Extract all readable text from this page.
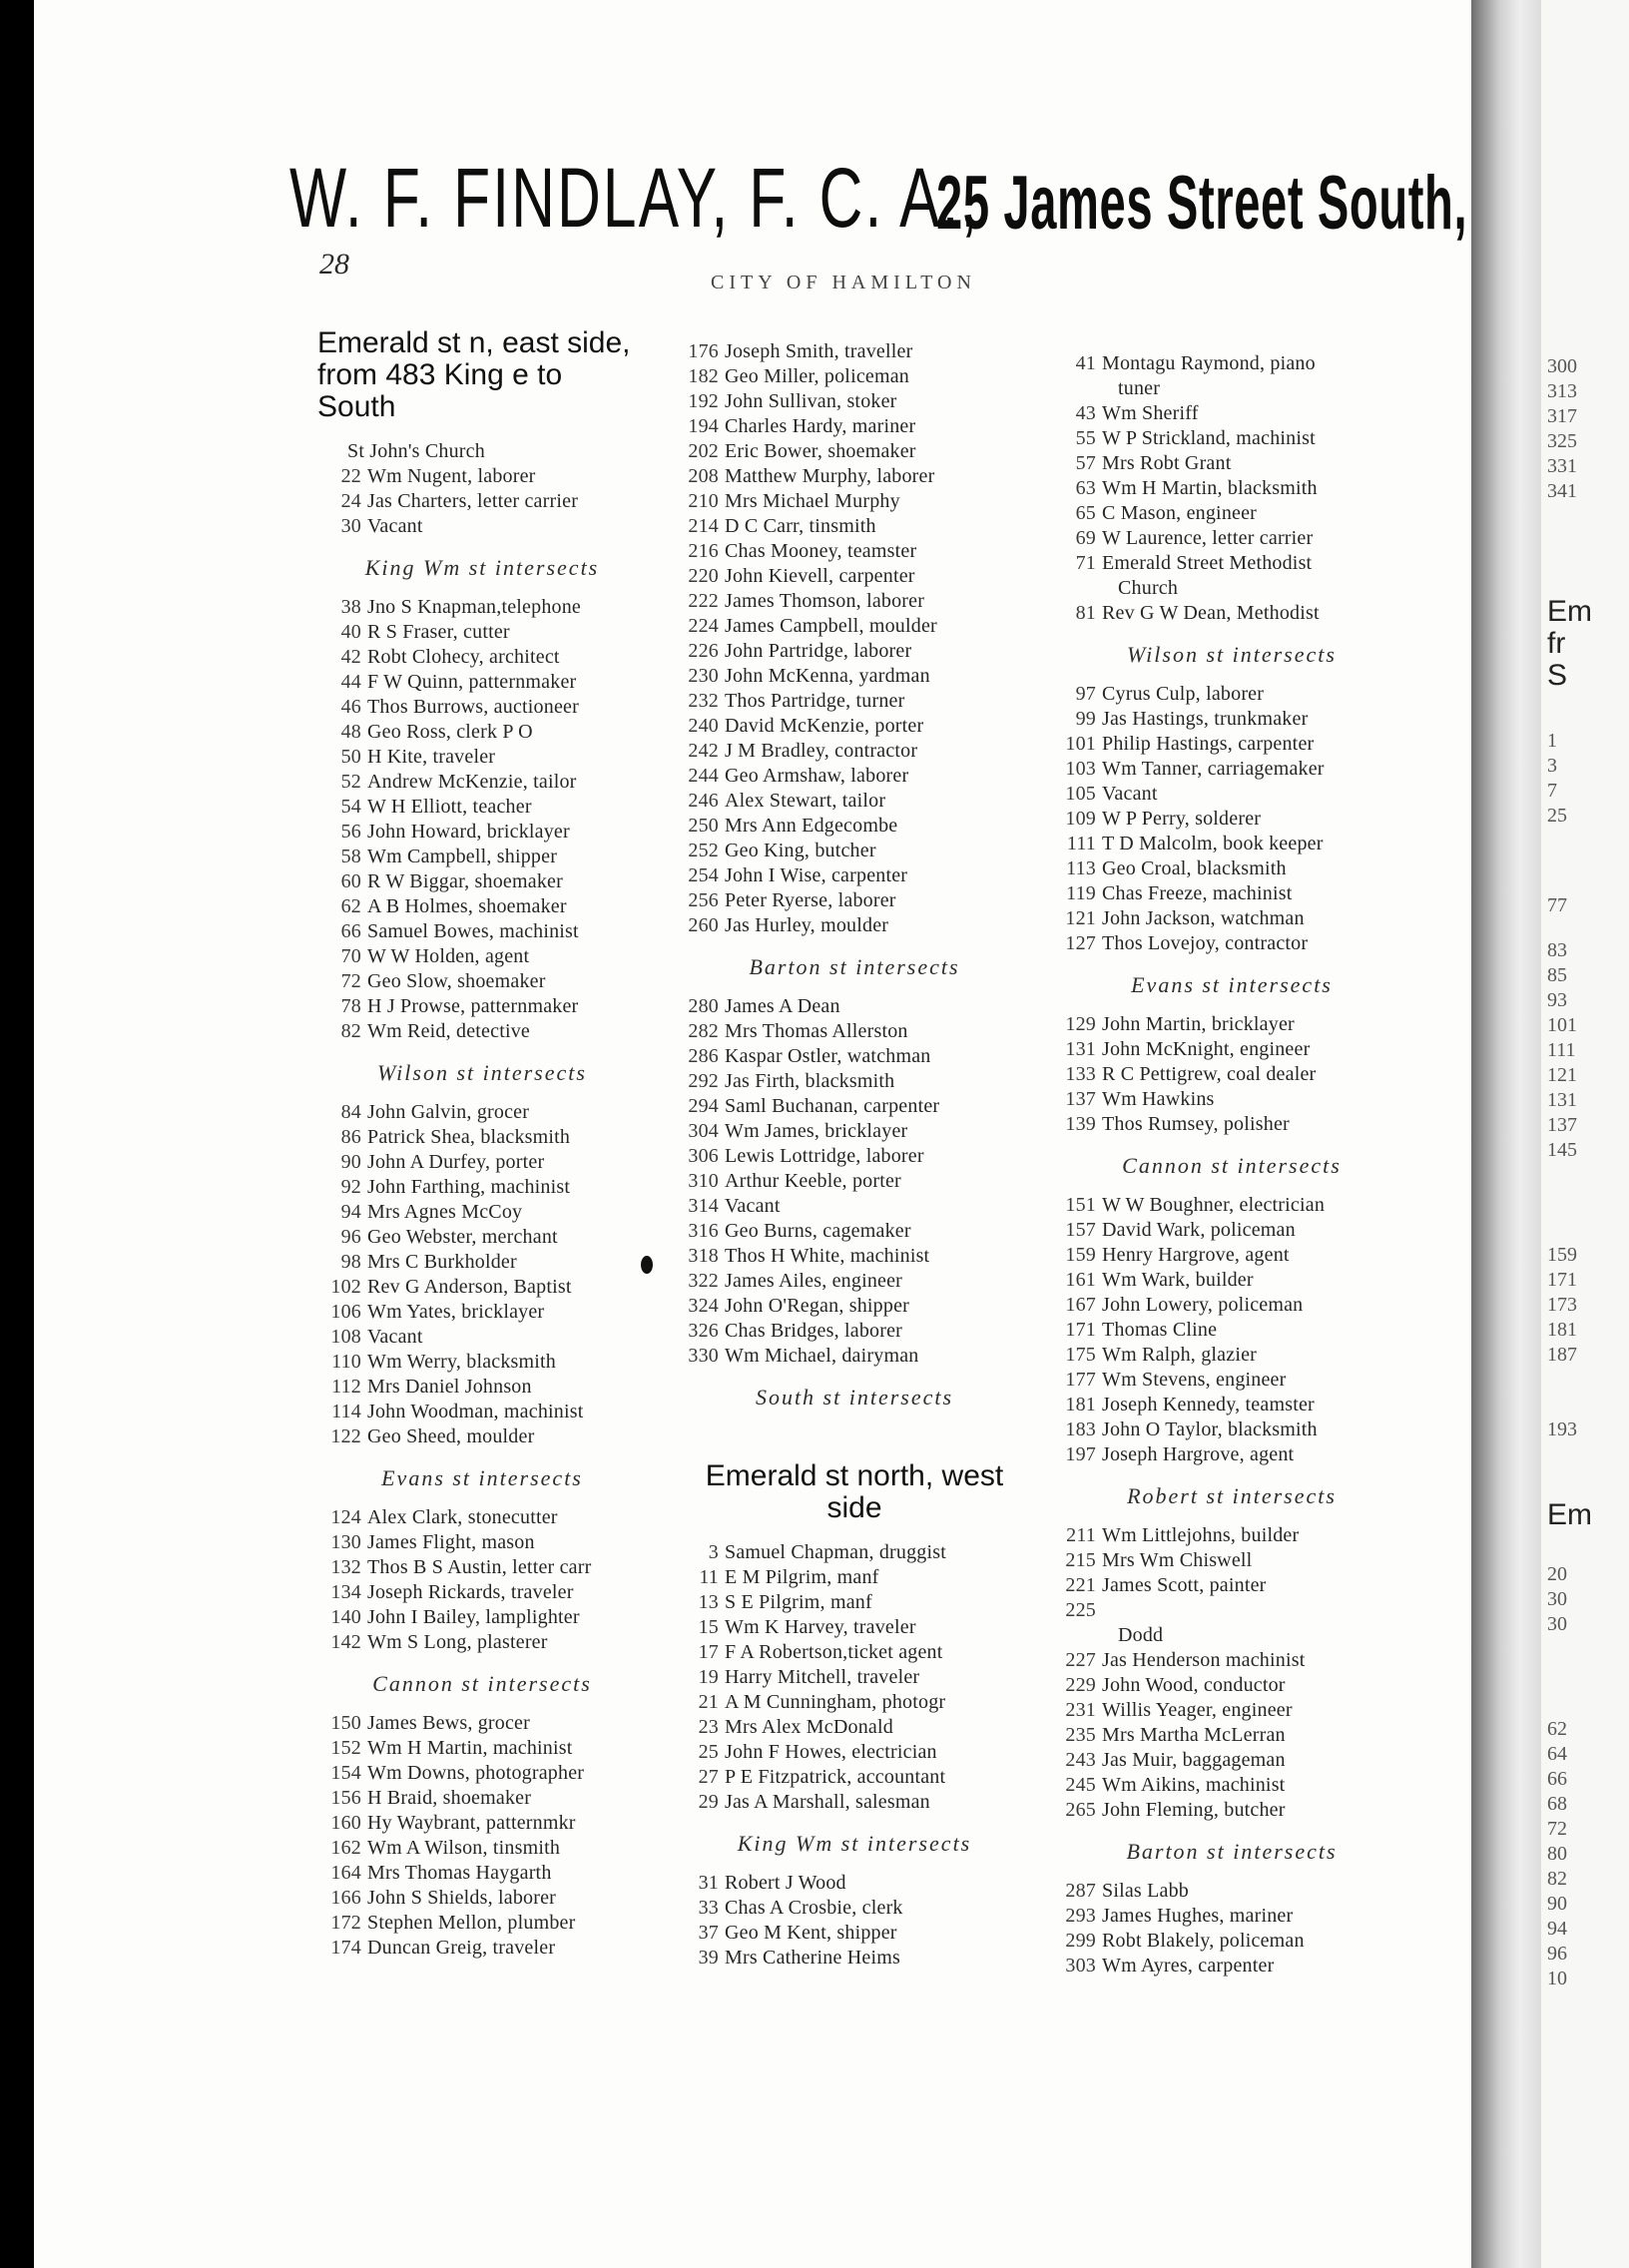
W. F. FINDLAY, F. C. A.,
25 James Street South,
28
CITY OF HAMILTON
Emerald st n, east side, from 483 King e to South
St John's Church
22 Wm Nugent, laborer
24 Jas Charters, letter carrier
30 Vacant
King Wm st intersects
38 Jno S Knapman,telephone
40 R S Fraser, cutter
42 Robt Clohecy, architect
44 F W Quinn, patternmaker
46 Thos Burrows, auctioneer
48 Geo Ross, clerk P O
50 H Kite, traveler
52 Andrew McKenzie, tailor
54 W H Elliott, teacher
56 John Howard, bricklayer
58 Wm Campbell, shipper
60 R W Biggar, shoemaker
62 A B Holmes, shoemaker
66 Samuel Bowes, machinist
70 W W Holden, agent
72 Geo Slow, shoemaker
78 H J Prowse, patternmaker
82 Wm Reid, detective
Wilson st intersects
84 John Galvin, grocer
86 Patrick Shea, blacksmith
90 John A Durfey, porter
92 John Farthing, machinist
94 Mrs Agnes McCoy
96 Geo Webster, merchant
98 Mrs C Burkholder
102 Rev G Anderson, Baptist
106 Wm Yates, bricklayer
108 Vacant
110 Wm Werry, blacksmith
112 Mrs Daniel Johnson
114 John Woodman, machinist
122 Geo Sheed, moulder
Evans st intersects
124 Alex Clark, stonecutter
130 James Flight, mason
132 Thos B S Austin, letter carr
134 Joseph Rickards, traveler
140 John I Bailey, lamplighter
142 Wm S Long, plasterer
Cannon st intersects
150 James Bews, grocer
152 Wm H Martin, machinist
154 Wm Downs, photographer
156 H Braid, shoemaker
160 Hy Waybrant, patternmkr
162 Wm A Wilson, tinsmith
164 Mrs Thomas Haygarth
166 John S Shields, laborer
172 Stephen Mellon, plumber
174 Duncan Greig, traveler
176 Joseph Smith, traveller
182 Geo Miller, policeman
192 John Sullivan, stoker
194 Charles Hardy, mariner
202 Eric Bower, shoemaker
208 Matthew Murphy, laborer
210 Mrs Michael Murphy
214 D C Carr, tinsmith
216 Chas Mooney, teamster
220 John Kievell, carpenter
222 James Thomson, laborer
224 James Campbell, moulder
226 John Partridge, laborer
230 John McKenna, yardman
232 Thos Partridge, turner
240 David McKenzie, porter
242 J M Bradley, contractor
244 Geo Armshaw, laborer
246 Alex Stewart, tailor
250 Mrs Ann Edgecombe
252 Geo King, butcher
254 John I Wise, carpenter
256 Peter Ryerse, laborer
260 Jas Hurley, moulder
Barton st intersects
280 James A Dean
282 Mrs Thomas Allerston
286 Kaspar Ostler, watchman
292 Jas Firth, blacksmith
294 Saml Buchanan, carpenter
304 Wm James, bricklayer
306 Lewis Lottridge, laborer
310 Arthur Keeble, porter
314 Vacant
316 Geo Burns, cagemaker
318 Thos H White, machinist
322 James Ailes, engineer
324 John O'Regan, shipper
326 Chas Bridges, laborer
330 Wm Michael, dairyman
South st intersects
Emerald st north, west side
3 Samuel Chapman, druggist
11 E M Pilgrim, manf
13 S E Pilgrim, manf
15 Wm K Harvey, traveler
17 F A Robertson,ticket agent
19 Harry Mitchell, traveler
21 A M Cunningham, photogr
23 Mrs Alex McDonald
25 John F Howes, electrician
27 P E Fitzpatrick, accountant
29 Jas A Marshall, salesman
King Wm st intersects
31 Robert J Wood
33 Chas A Crosbie, clerk
37 Geo M Kent, shipper
39 Mrs Catherine Heims
41 Montagu Raymond, piano
tuner
43 Wm Sheriff
55 W P Strickland, machinist
57 Mrs Robt Grant
63 Wm H Martin, blacksmith
65 C Mason, engineer
69 W Laurence, letter carrier
71 Emerald Street Methodist
Church
81 Rev G W Dean, Methodist
Wilson st intersects
97 Cyrus Culp, laborer
99 Jas Hastings, trunkmaker
101 Philip Hastings, carpenter
103 Wm Tanner, carriagemaker
105 Vacant
109 W P Perry, solderer
111 T D Malcolm, book keeper
113 Geo Croal, blacksmith
119 Chas Freeze, machinist
121 John Jackson, watchman
127 Thos Lovejoy, contractor
Evans st intersects
129 John Martin, bricklayer
131 John McKnight, engineer
133 R C Pettigrew, coal dealer
137 Wm Hawkins
139 Thos Rumsey, polisher
Cannon st intersects
151 W W Boughner, electrician
157 David Wark, policeman
159 Henry Hargrove, agent
161 Wm Wark, builder
167 John Lowery, policeman
171 Thomas Cline
175 Wm Ralph, glazier
177 Wm Stevens, engineer
181 Joseph Kennedy, teamster
183 John O Taylor, blacksmith
197 Joseph Hargrove, agent
Robert st intersects
211 Wm Littlejohns, builder
215 Mrs Wm Chiswell
221 James Scott, painter
225
Dodd
227 Jas Henderson machinist
229 John Wood, conductor
231 Willis Yeager, engineer
235 Mrs Martha McLerran
243 Jas Muir, baggageman
245 Wm Aikins, machinist
265 John Fleming, butcher
Barton st intersects
287 Silas Labb
293 James Hughes, mariner
299 Robt Blakely, policeman
303 Wm Ayres, carpenter
300
313
317
325
331
341
Em
fr
S
1
3
7
25
77
83
85
93
101
111
121
131
137
145
159
171
173
181
187
193
Em
20
30
30
62
64
66
68
72
80
82
90
94
96
10
